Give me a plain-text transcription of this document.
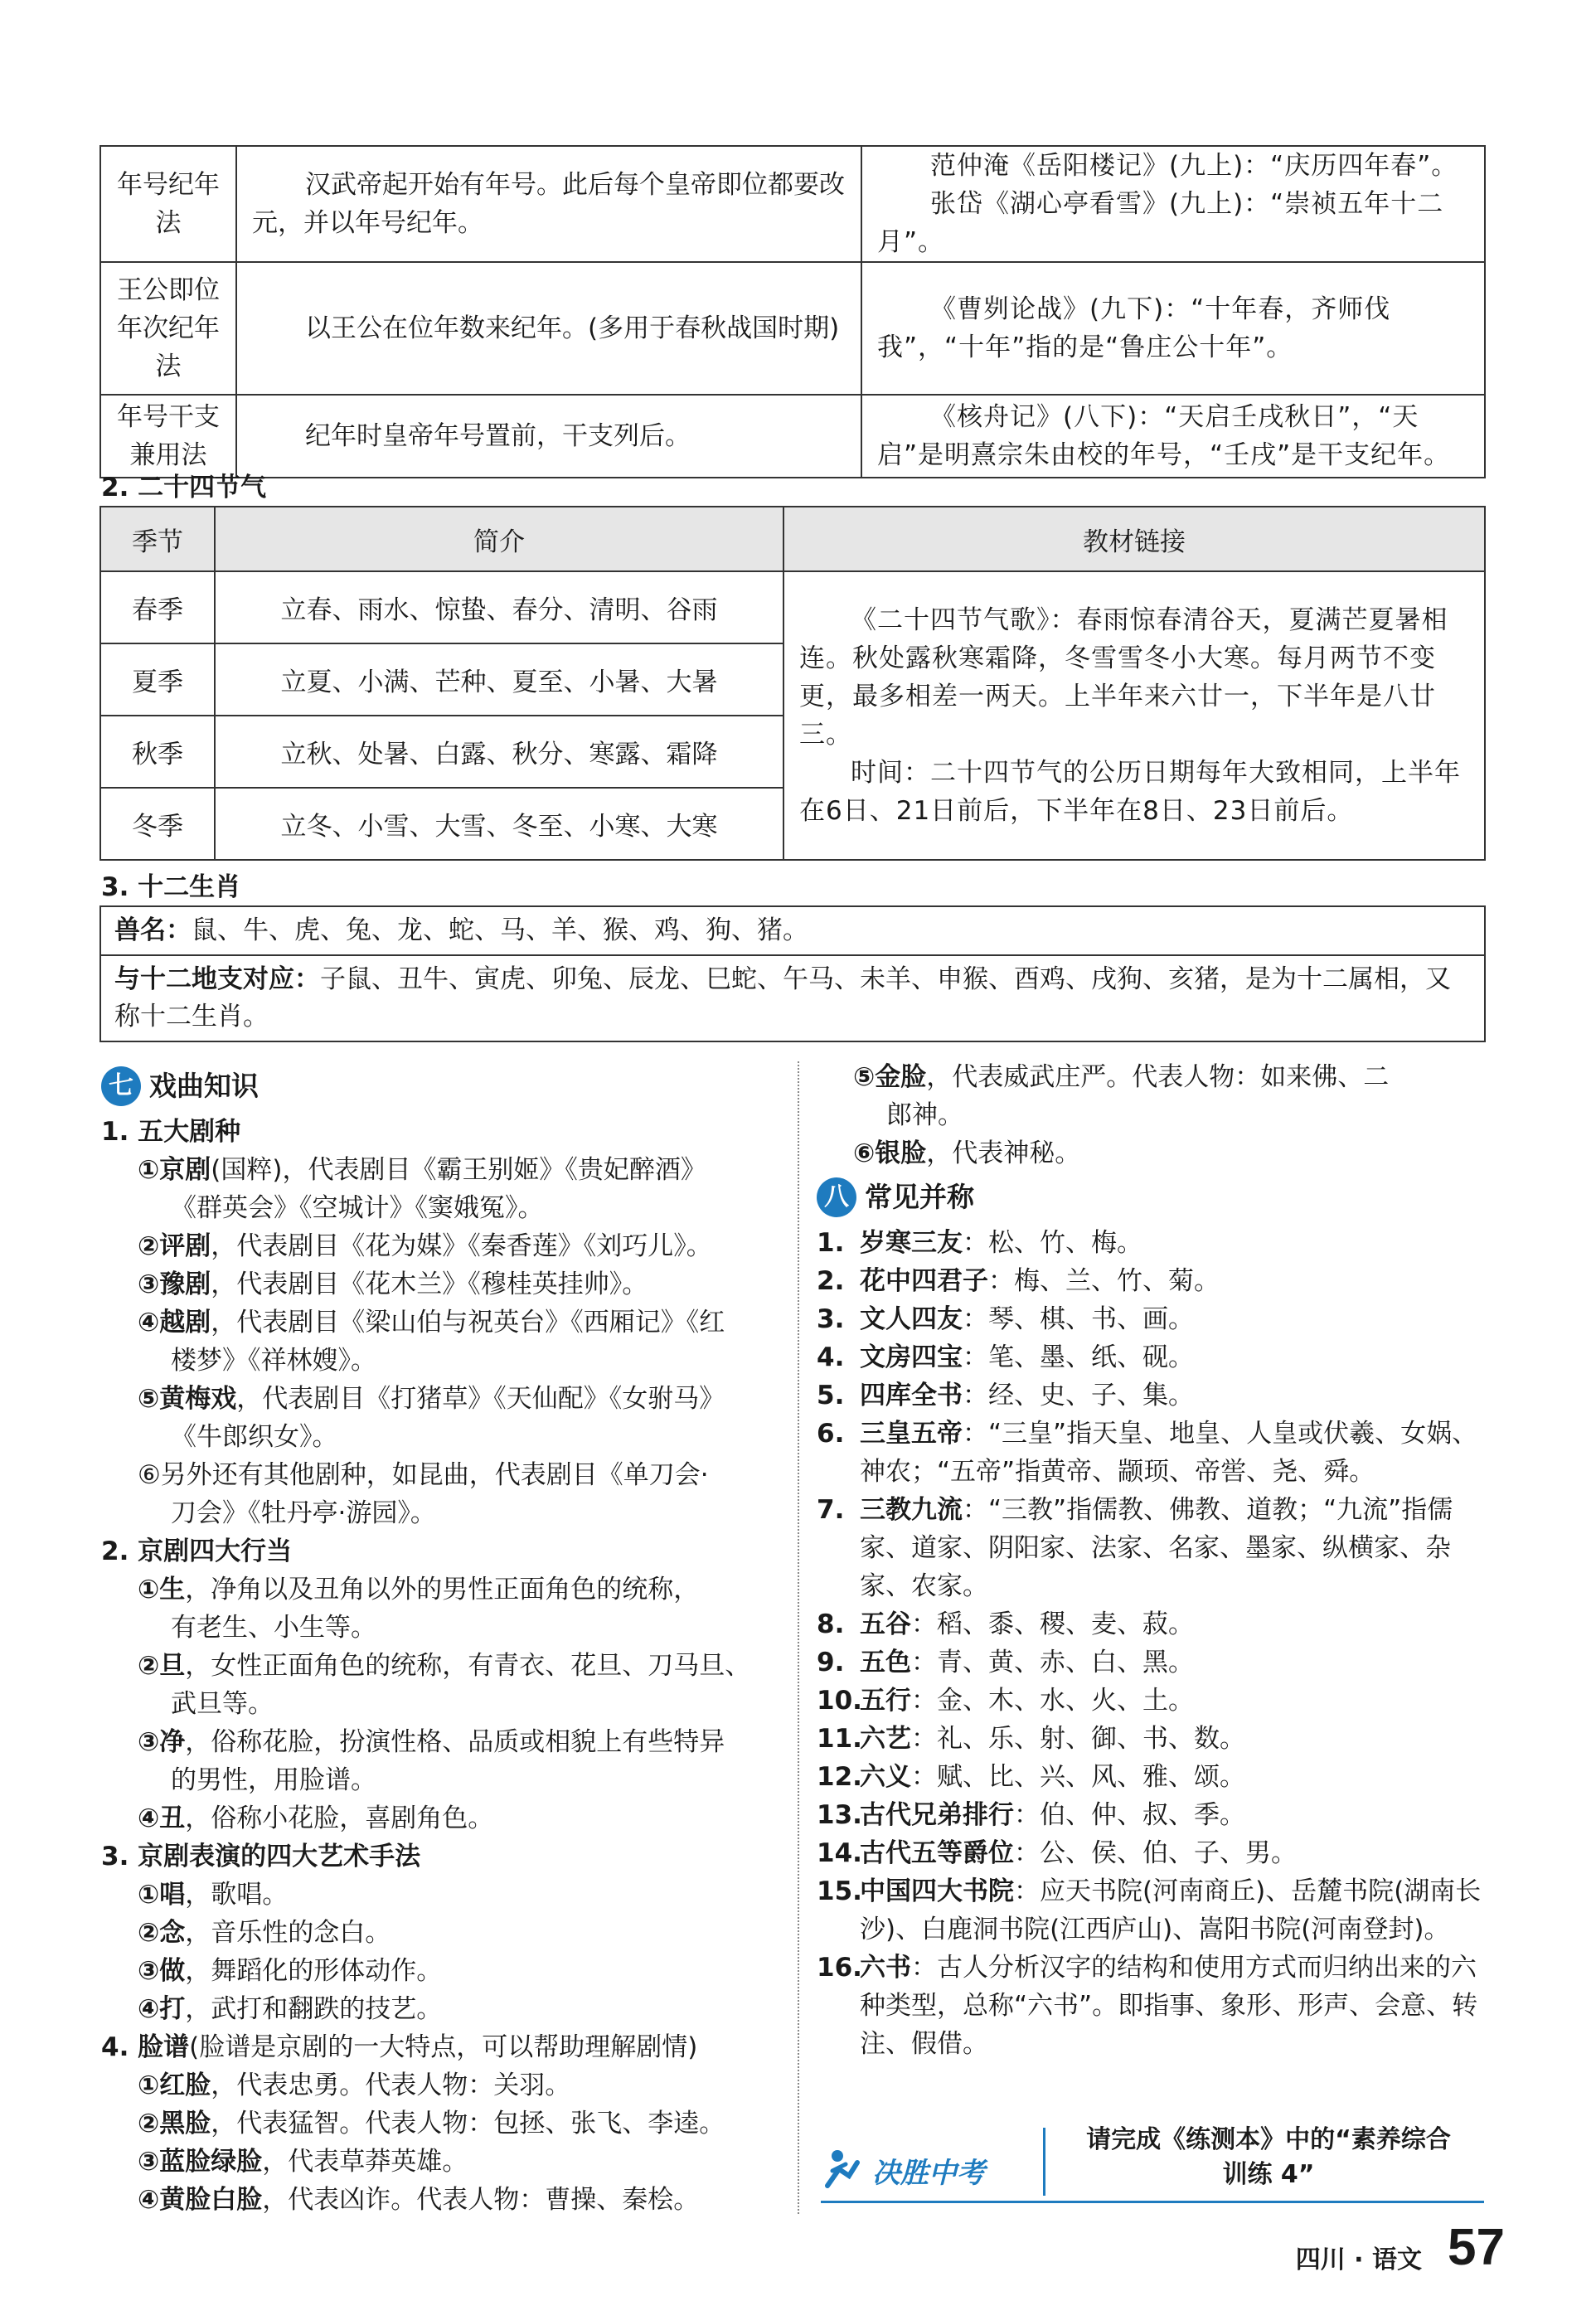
年号纪年法	汉武帝起开始有年号。此后每个皇帝即位都要改元，并以年号纪年。	范仲淹《岳阳楼记》(九上)：“庆历四年春”。
张岱《湖心亭看雪》(九上)：“崇祯五年十二月”。

王公即位年次纪年法	以王公在位年数来纪年。(多用于春秋战国时期)	《曹刿论战》(九下)：“十年春，齐师伐我”，“十年”指的是“鲁庄公十年”。
年号干支兼用法	纪年时皇帝年号置前，干支列后。	《核舟记》(八下)：“天启壬戌秋日”，“天启”是明熹宗朱由校的年号，“壬戌”是干支纪年。
2. 二十四节气
季节	简介	教材链接
春季	立春、雨水、惊蛰、春分、清明、谷雨	《二十四节气歌》：春雨惊春清谷天，夏满芒夏暑相连。秋处露秋寒霜降，冬雪雪冬小大寒。每月两节不变更，最多相差一两天。上半年来六廿一，下半年是八廿三。

时间：二十四节气的公历日期每年大致相同，上半年在6日、21日前后，下半年在8日、23日前后。

夏季	立夏、小满、芒种、夏至、小暑、大暑	
秋季	立秋、处暑、白露、秋分、寒露、霜降	
冬季	立冬、小雪、大雪、冬至、小寒、大寒	
3. 十二生肖
兽名：鼠、牛、虎、兔、龙、蛇、马、羊、猴、鸡、狗、猪。
与十二地支对应：子鼠、丑牛、寅虎、卯兔、辰龙、巳蛇、午马、未羊、申猴、酉鸡、戌狗、亥猪，是为十二属相，又称十二生肖。
七 戏曲知识
1. 五大剧种
①京剧(国粹)，代表剧目《霸王别姬》《贵妃醉酒》
《群英会》《空城计》《窦娥冤》。
②评剧，代表剧目《花为媒》《秦香莲》《刘巧儿》。
③豫剧，代表剧目《花木兰》《穆桂英挂帅》。
④越剧，代表剧目《梁山伯与祝英台》《西厢记》《红
楼梦》《祥林嫂》。
⑤黄梅戏，代表剧目《打猪草》《天仙配》《女驸马》
《牛郎织女》。
⑥另外还有其他剧种，如昆曲，代表剧目《单刀会·
刀会》《牡丹亭·游园》。
2. 京剧四大行当
①生，净角以及丑角以外的男性正面角色的统称，
有老生、小生等。
②旦，女性正面角色的统称，有青衣、花旦、刀马旦、
武旦等。
③净，俗称花脸，扮演性格、品质或相貌上有些特异
的男性，用脸谱。
④丑，俗称小花脸，喜剧角色。
3. 京剧表演的四大艺术手法
①唱，歌唱。
②念，音乐性的念白。
③做，舞蹈化的形体动作。
④打，武打和翻跌的技艺。
4. 脸谱(脸谱是京剧的一大特点，可以帮助理解剧情)
①红脸，代表忠勇。代表人物：关羽。
②黑脸，代表猛智。代表人物：包拯、张飞、李逵。
③蓝脸绿脸，代表草莽英雄。
④黄脸白脸，代表凶诈。代表人物：曹操、秦桧。
⑤金脸，代表威武庄严。代表人物：如来佛、二
郎神。
⑥银脸，代表神秘。
八 常见并称
1. 岁寒三友：松、竹、梅。
2. 花中四君子：梅、兰、竹、菊。
3. 文人四友：琴、棋、书、画。
4. 文房四宝：笔、墨、纸、砚。
5. 四库全书：经、史、子、集。
6. 三皇五帝：“三皇”指天皇、地皇、人皇或伏羲、女娲、神农；“五帝”指黄帝、颛顼、帝喾、尧、舜。
7. 三教九流：“三教”指儒教、佛教、道教；“九流”指儒家、道家、阴阳家、法家、名家、墨家、纵横家、杂家、农家。
8. 五谷：稻、黍、稷、麦、菽。
9. 五色：青、黄、赤、白、黑。
10.五行：金、木、水、火、土。
11.六艺：礼、乐、射、御、书、数。
12.六义：赋、比、兴、风、雅、颂。
13.古代兄弟排行：伯、仲、叔、季。
14.古代五等爵位：公、侯、伯、子、男。
15.中国四大书院：应天书院(河南商丘)、岳麓书院(湖南长沙)、白鹿洞书院(江西庐山)、嵩阳书院(河南登封)。
16.六书：古人分析汉字的结构和使用方式而归纳出来的六种类型，总称“六书”。即指事、象形、形声、会意、转注、假借。
决胜中考
请完成《练测本》中的“素养综合
训练 4”
四川 · 语文 57
